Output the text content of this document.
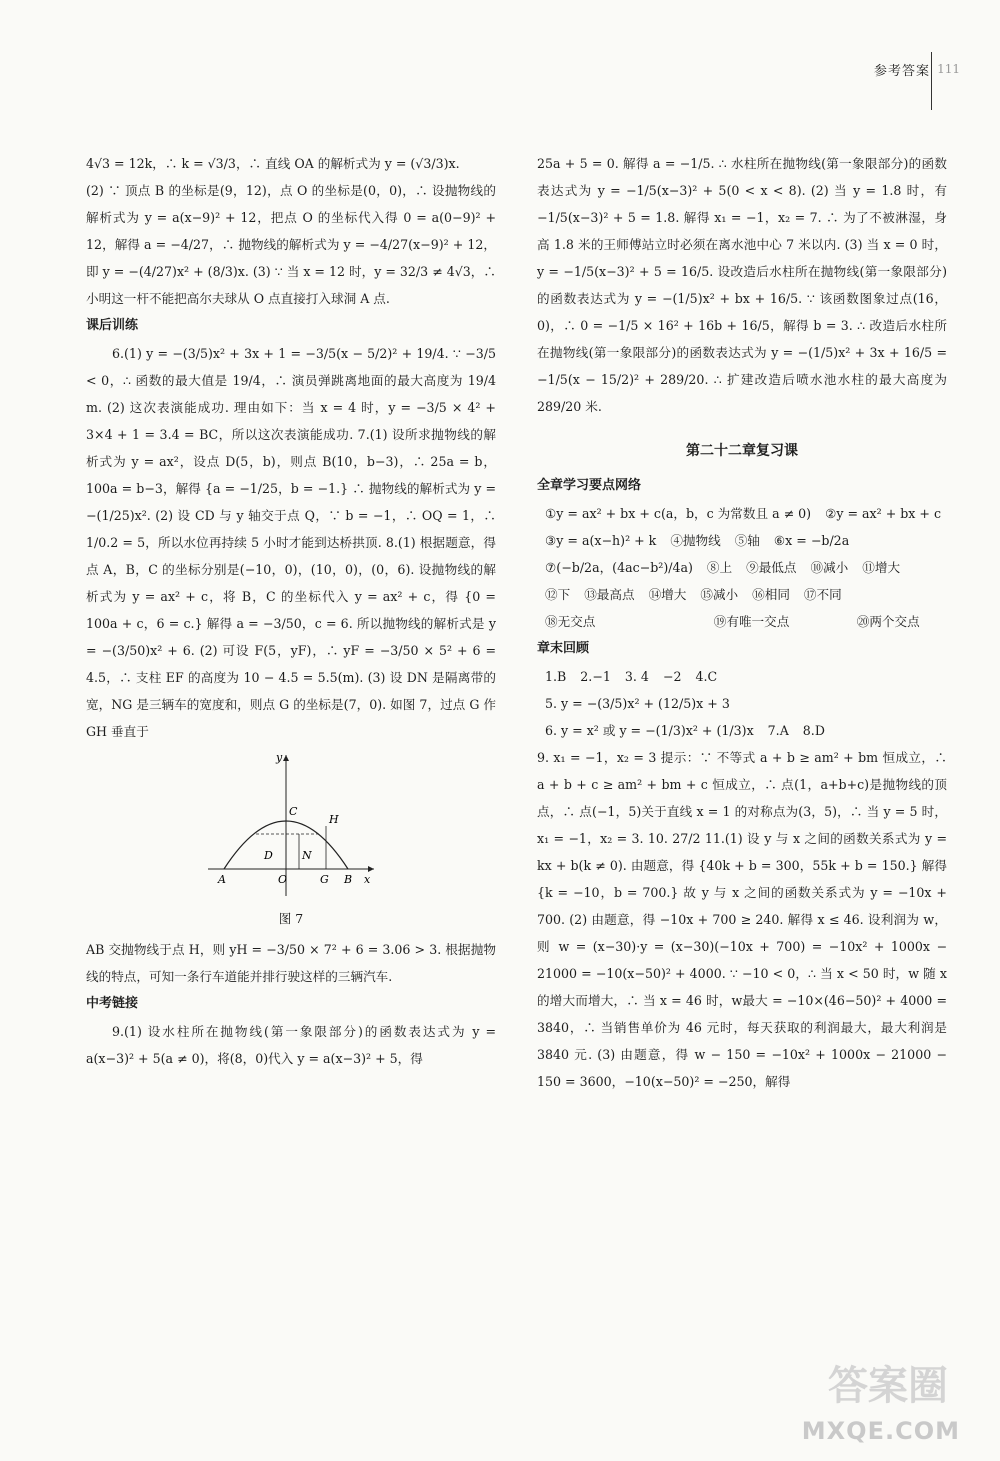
参考答案 111

4√3 = 12k，∴ k = √3/3，∴ 直线 OA 的解析式为 y = (√3/3)x.

(2) ∵ 顶点 B 的坐标是(9，12)，点 O 的坐标是(0，0)，∴ 设抛物线的解析式为 y = a(x−9)² + 12，把点 O 的坐标代入得 0 = a(0−9)² + 12，解得 a = −4/27，∴ 抛物线的解析式为 y = −4/27(x−9)² + 12，即 y = −(4/27)x² + (8/3)x. (3) ∵ 当 x = 12 时，y = 32/3 ≠ 4√3，∴ 小明这一杆不能把高尔夫球从 O 点直接打入球洞 A 点.

课后训练

6.(1) y = −(3/5)x² + 3x + 1 = −3/5(x − 5/2)² + 19/4. ∵ −3/5 < 0，∴ 函数的最大值是 19/4，∴ 演员弹跳离地面的最大高度为 19/4 m. (2) 这次表演能成功. 理由如下：当 x = 4 时，y = −3/5 × 4² + 3×4 + 1 = 3.4 = BC，所以这次表演能成功. 7.(1) 设所求抛物线的解析式为 y = ax²，设点 D(5，b)，则点 B(10，b−3)，∴ 25a = b，100a = b−3，解得 {a = −1/25，b = −1.} ∴ 抛物线的解析式为 y = −(1/25)x². (2) 设 CD 与 y 轴交于点 Q，∵ b = −1，∴ OQ = 1，∴ 1/0.2 = 5，所以水位再持续 5 小时才能到达桥拱顶. 8.(1) 根据题意，得点 A，B，C 的坐标分别是(−10，0)，(10，0)，(0，6). 设抛物线的解析式为 y = ax² + c，将 B，C 的坐标代入 y = ax² + c，得 {0 = 100a + c，6 = c.} 解得 a = −3/50，c = 6. 所以抛物线的解析式是 y = −(3/50)x² + 6. (2) 可设 F(5，yF)，∴ yF = −3/50 × 5² + 6 = 4.5，∴ 支柱 EF 的高度为 10 − 4.5 = 5.5(m). (3) 设 DN 是隔离带的宽，NG 是三辆车的宽度和，则点 G 的坐标是(7，0). 如图 7，过点 G 作 GH 垂直于

y
x
A	O	B
C
D	N
G
H
图 7

AB 交抛物线于点 H，则 yH = −3/50 × 7² + 6 = 3.06 > 3. 根据抛物线的特点，可知一条行车道能并排行驶这样的三辆汽车.

中考链接

9.(1) 设水柱所在抛物线(第一象限部分)的函数表达式为 y = a(x−3)² + 5(a ≠ 0)，将(8，0)代入 y = a(x−3)² + 5，得

25a + 5 = 0. 解得 a = −1/5. ∴ 水柱所在抛物线(第一象限部分)的函数表达式为 y = −1/5(x−3)² + 5(0 < x < 8). (2) 当 y = 1.8 时，有 −1/5(x−3)² + 5 = 1.8. 解得 x₁ = −1，x₂ = 7. ∴ 为了不被淋湿，身高 1.8 米的王师傅站立时必须在离水池中心 7 米以内. (3) 当 x = 0 时，y = −1/5(x−3)² + 5 = 16/5. 设改造后水柱所在抛物线(第一象限部分)的函数表达式为 y = −(1/5)x² + bx + 16/5. ∵ 该函数图象过点(16，0)，∴ 0 = −1/5 × 16² + 16b + 16/5，解得 b = 3. ∴ 改造后水柱所在抛物线(第一象限部分)的函数表达式为 y = −(1/5)x² + 3x + 16/5 = −1/5(x − 15/2)² + 289/20. ∴ 扩建改造后喷水池水柱的最大高度为 289/20 米.

第二十二章复习课
全章学习要点网络
①y = ax² + bx + c(a，b，c 为常数且 a ≠ 0) ②y = ax² + bx + c
③y = a(x−h)² + k ④抛物线 ⑤轴 ⑥x = −b/2a
⑦(−b/2a，(4ac−b²)/4a) ⑧上 ⑨最低点 ⑩减小 ⑪增大
⑫下 ⑬最高点 ⑭增大 ⑮减小 ⑯相同 ⑰不同
⑱无交点	⑲有唯一交点	⑳两个交点
章末回顾
1.B 2.−1 3. 4 −2 4.C
5. y = −(3/5)x² + (12/5)x + 3
6. y = x² 或 y = −(1/3)x² + (1/3)x 7.A 8.D

9. x₁ = −1，x₂ = 3 提示：∵ 不等式 a + b ≥ am² + bm 恒成立，∴ a + b + c ≥ am² + bm + c 恒成立，∴ 点(1，a+b+c)是抛物线的顶点，∴ 点(−1，5)关于直线 x = 1 的对称点为(3，5)，∴ 当 y = 5 时，x₁ = −1，x₂ = 3. 10. 27/2 11.(1) 设 y 与 x 之间的函数关系式为 y = kx + b(k ≠ 0). 由题意，得 {40k + b = 300，55k + b = 150.} 解得 {k = −10，b = 700.} 故 y 与 x 之间的函数关系式为 y = −10x + 700. (2) 由题意，得 −10x + 700 ≥ 240. 解得 x ≤ 46. 设利润为 w，则 w = (x−30)·y = (x−30)(−10x + 700) = −10x² + 1000x − 21000 = −10(x−50)² + 4000. ∵ −10 < 0，∴ 当 x < 50 时，w 随 x 的增大而增大，∴ 当 x = 46 时，w最大 = −10×(46−50)² + 4000 = 3840，∴ 当销售单价为 46 元时，每天获取的利润最大，最大利润是 3840 元. (3) 由题意，得 w − 150 = −10x² + 1000x − 21000 − 150 = 3600，−10(x−50)² = −250，解得

答案圈
MXQE.COM
